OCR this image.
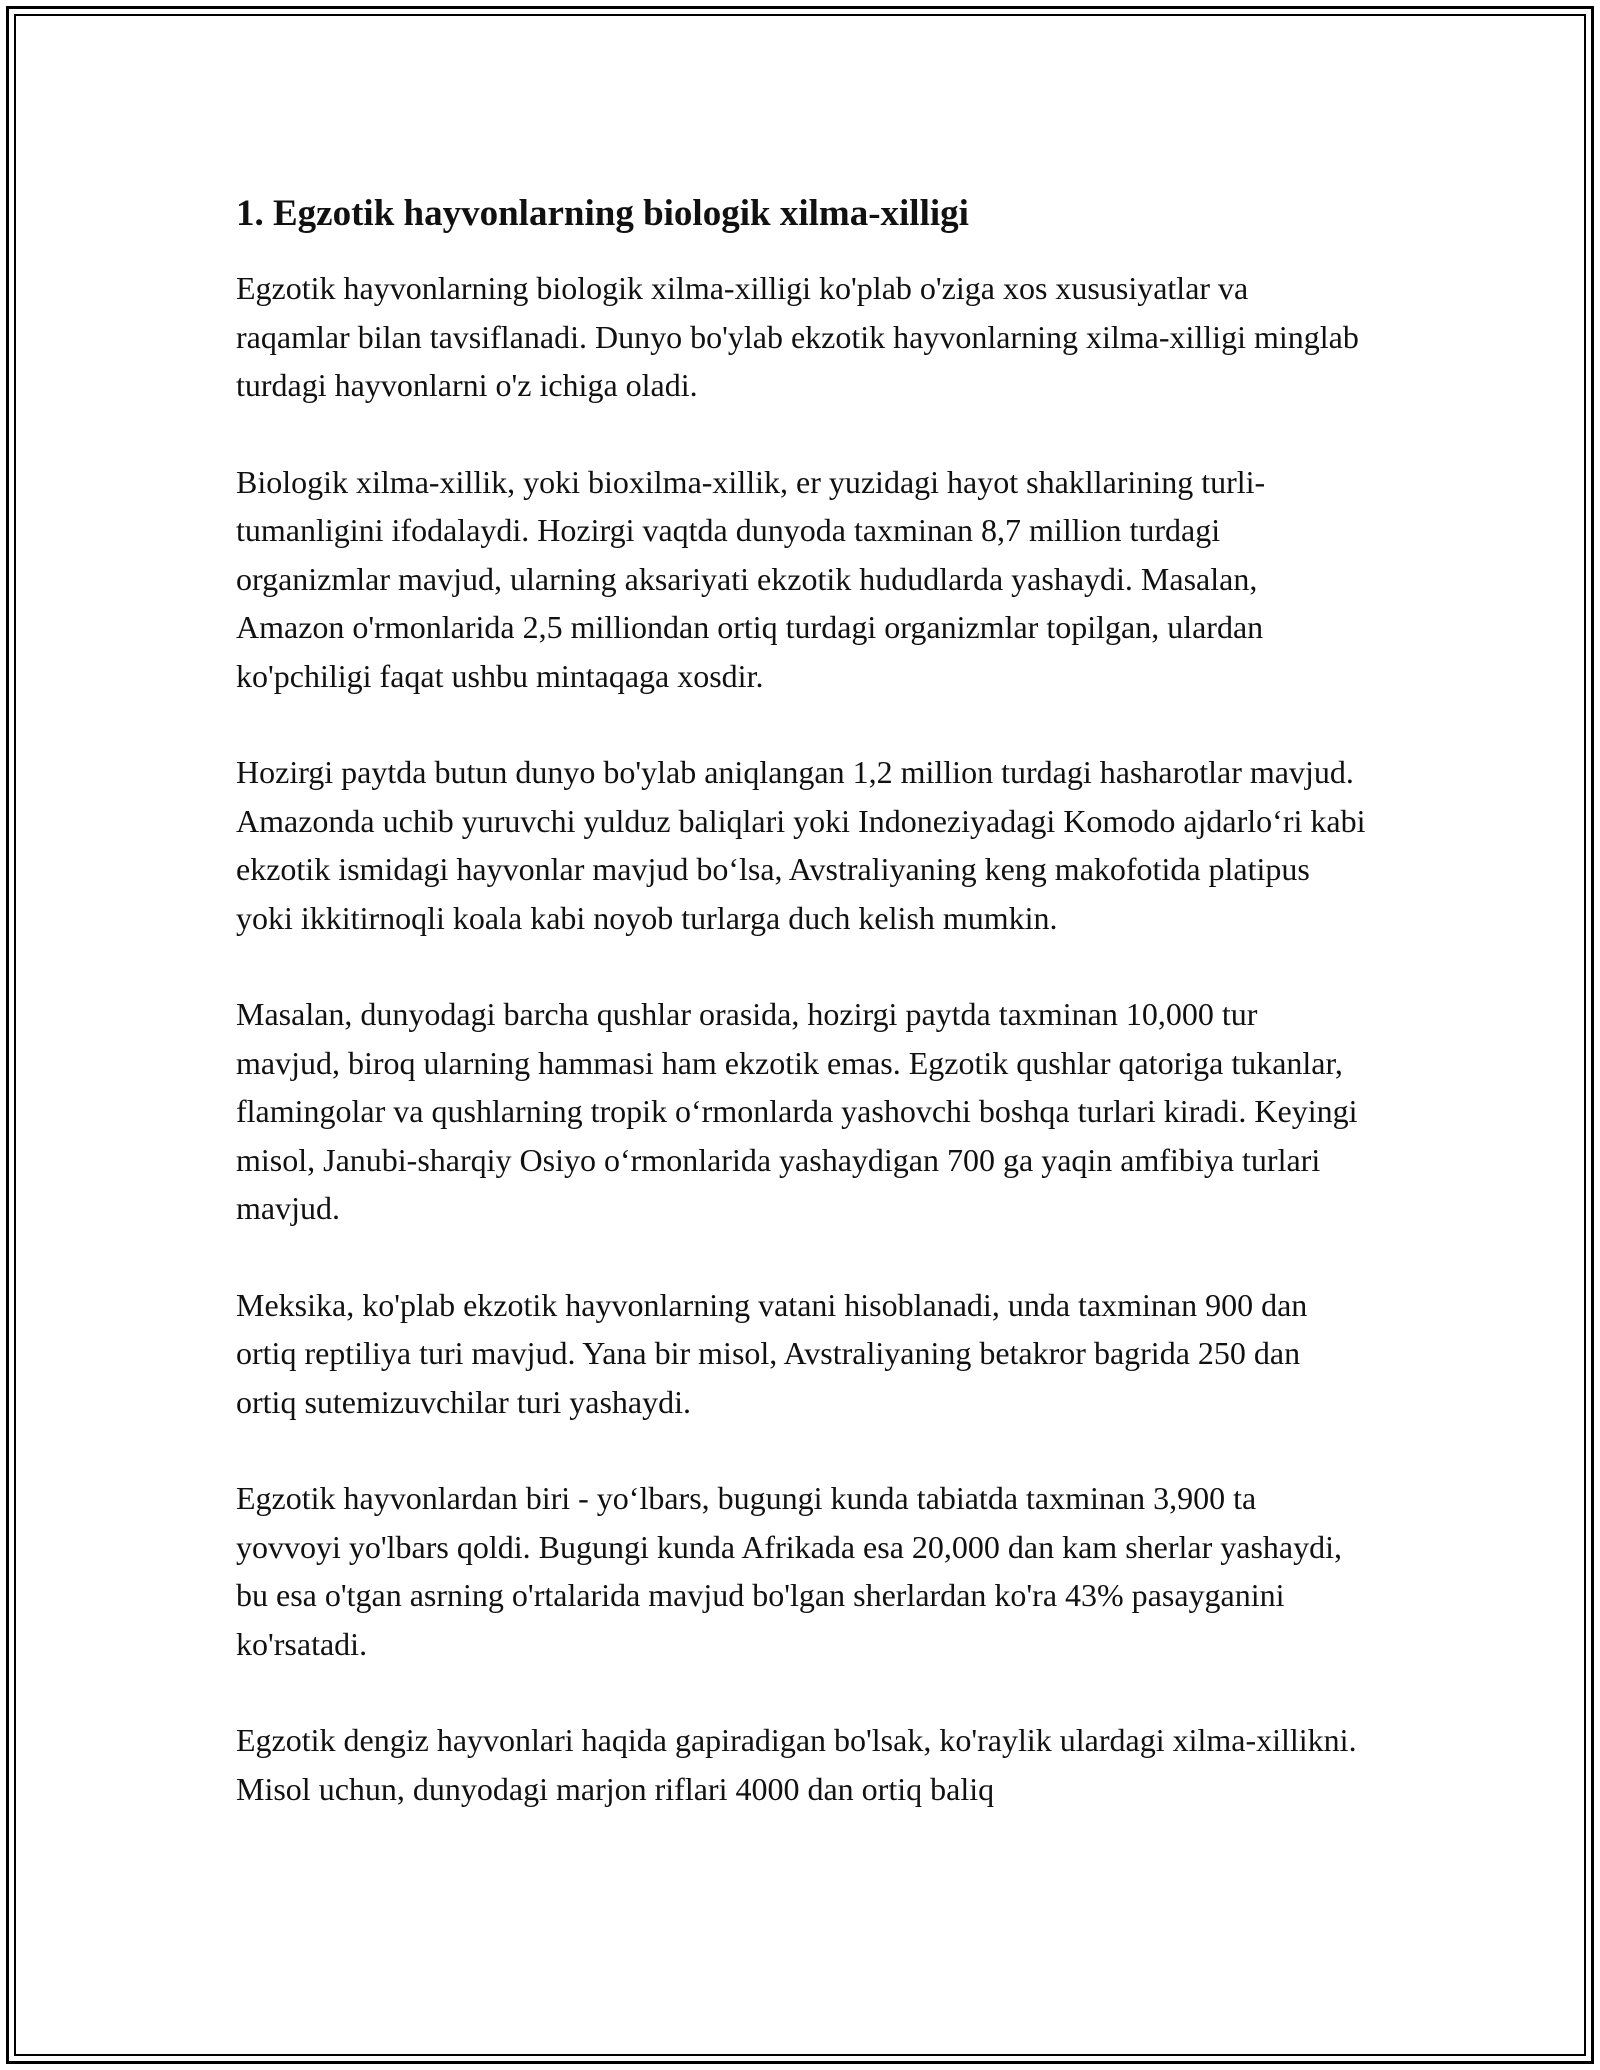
1. Egzotik hayvonlarning biologik xilma-xilligi

Egzotik hayvonlarning biologik xilma-xilligi ko'plab o'ziga xos xususiyatlar va raqamlar bilan tavsiflanadi. Dunyo bo'ylab ekzotik hayvonlarning xilma-xilligi minglab turdagi hayvonlarni o'z ichiga oladi.

Biologik xilma-xillik, yoki bioxilma-xillik, er yuzidagi hayot shakllarining turli-tumanligini ifodalaydi. Hozirgi vaqtda dunyoda taxminan 8,7 million turdagi organizmlar mavjud, ularning aksariyati ekzotik hududlarda yashaydi. Masalan, Amazon o'rmonlarida 2,5 milliondan ortiq turdagi organizmlar topilgan, ulardan ko'pchiligi faqat ushbu mintaqaga xosdir.

Hozirgi paytda butun dunyo bo'ylab aniqlangan 1,2 million turdagi hasharotlar mavjud. Amazonda uchib yuruvchi yulduz baliqlari yoki Indoneziyadagi Komodo ajdarlo‘ri kabi ekzotik ismidagi hayvonlar mavjud bo‘lsa, Avstraliyaning keng makofotida platipus yoki ikkitirnoqli koala kabi noyob turlarga duch kelish mumkin.

Masalan, dunyodagi barcha qushlar orasida, hozirgi paytda taxminan 10,000 tur mavjud, biroq ularning hammasi ham ekzotik emas. Egzotik qushlar qatoriga tukanlar, flamingolar va qushlarning tropik o‘rmonlarda yashovchi boshqa turlari kiradi. Keyingi misol, Janubi-sharqiy Osiyo o‘rmonlarida yashaydigan 700 ga yaqin amfibiya turlari mavjud.

Meksika, ko'plab ekzotik hayvonlarning vatani hisoblanadi, unda taxminan 900 dan ortiq reptiliya turi mavjud. Yana bir misol, Avstraliyaning betakror bagrida 250 dan ortiq sutemizuvchilar turi yashaydi.

Egzotik hayvonlardan biri - yo‘lbars, bugungi kunda tabiatda taxminan 3,900 ta yovvoyi yo'lbars qoldi. Bugungi kunda Afrikada esa 20,000 dan kam sherlar yashaydi, bu esa o'tgan asrning o'rtalarida mavjud bo'lgan sherlardan ko'ra 43% pasayganini ko'rsatadi.

Egzotik dengiz hayvonlari haqida gapiradigan bo'lsak, ko'raylik ulardagi xilma-xillikni. Misol uchun, dunyodagi marjon riflari 4000 dan ortiq baliq
